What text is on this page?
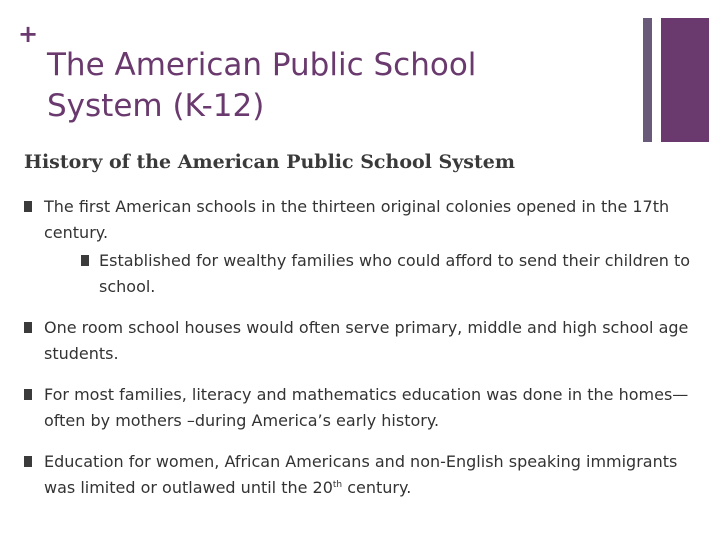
+
The American Public School
System (K-12)
History of the American Public School System
The first American schools in the thirteen original colonies opened in the 17th century.
Established for wealthy families who could afford to send their children to school.
One room school houses would often serve primary, middle and high school age students.
For most families, literacy and mathematics education was done in the homes—often by mothers –during America’s early history.
Education for women, African Americans and non-English speaking immigrants was limited or outlawed until the 20th century.
